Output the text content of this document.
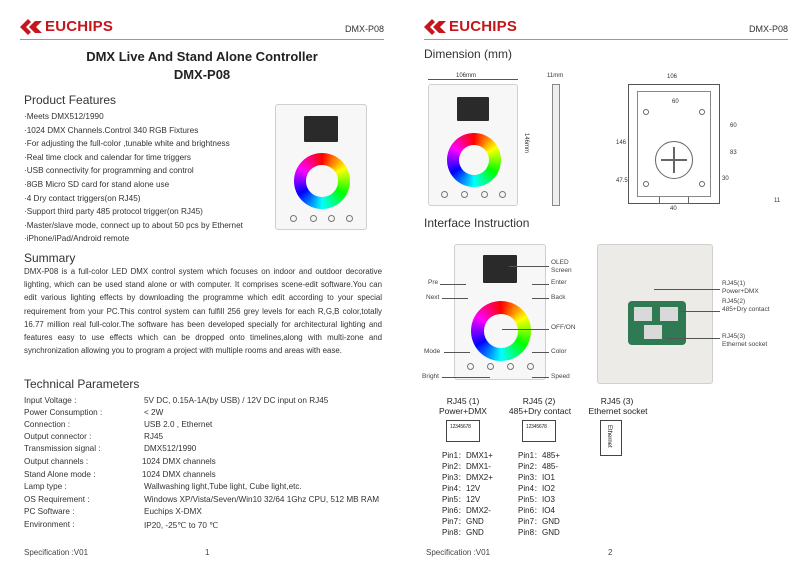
EUCHIPS	DMX-P08
DMX Live And Stand Alone Controller
DMX-P08
Product Features
·Meets DMX512/1990
·1024 DMX Channels.Control 340 RGB Fixtures
·For adjusting the full-color ,tunable white and brightness
·Real time clock and calendar for time triggers
·USB connectivity for programming and control
·8GB Micro SD card for stand alone use
·4 Dry contact triggers(on RJ45)
·Support third party 485 protocol trigger(on RJ45)
·Master/slave mode, connect up to about 50 pcs by Ethernet
·iPhone/iPad/Android remote
Summary
DMX-P08 is a full-color LED DMX control system which focuses on indoor and outdoor decorative lighting, which can be used stand alone or with computer. It comprises scene-edit software.You can edit various lighting effects by downloading the programme which edit according to your special requirement from your PC.This control system can fulfill 256 grey levels for each R,G,B color,totally 16.77 million real full-color.The software has been developed specially for architectural lighting and features easy to use effects which can be dropped onto timelines,along with multi-zone and synchronization allowing you to program a project with multiple rooms and areas with ease.
Technical Parameters
Input Voltage :	5V DC, 0.15A-1A(by USB) / 12V DC input on RJ45
Power Consumption :	< 2W
Connection :	USB 2.0 , Ethernet
Output connector :	RJ45
Transmission signal :	DMX512/1990
Output channels :	1024 DMX channels
Stand Alone mode :	1024 DMX channels
Lamp type :	Wallwashing light,Tube light, Cube light,etc.
OS Requirement :	Windows XP/Vista/Seven/Win10 32/64 1Ghz CPU, 512 MB RAM
PC Software :	Euchips X-DMX
Environment :	IP20, -25℃ to 70 ℃
Specification :V01	1
EUCHIPS	DMX-P08
Dimension (mm)
106mm
146mm
11mm	106
60
146
60
83
47.5	30
40
11
Interface Instruction
OLED
Screen
Pre	Enter
Next	Back
OFF/ON
Mode	Color
Bright	Speed
RJ45(1)
Power+DMX
RJ45(2)
485+Dry contact
RJ45(3)
Ethernet socket
RJ45 (1)
Power+DMX
12345678
Pin1：DMX1+
Pin2：DMX1-
Pin3：DMX2+
Pin4：12V
Pin5：12V
Pin6：DMX2-
Pin7：GND
Pin8：GND
RJ45 (2)
485+Dry contact
12345678
Pin1：485+
Pin2：485-
Pin3：IO1
Pin4：IO2
Pin5：IO3
Pin6：IO4
Pin7：GND
Pin8：GND
RJ45 (3)
Ethernet socket
Ethernet
Specification :V01	2
